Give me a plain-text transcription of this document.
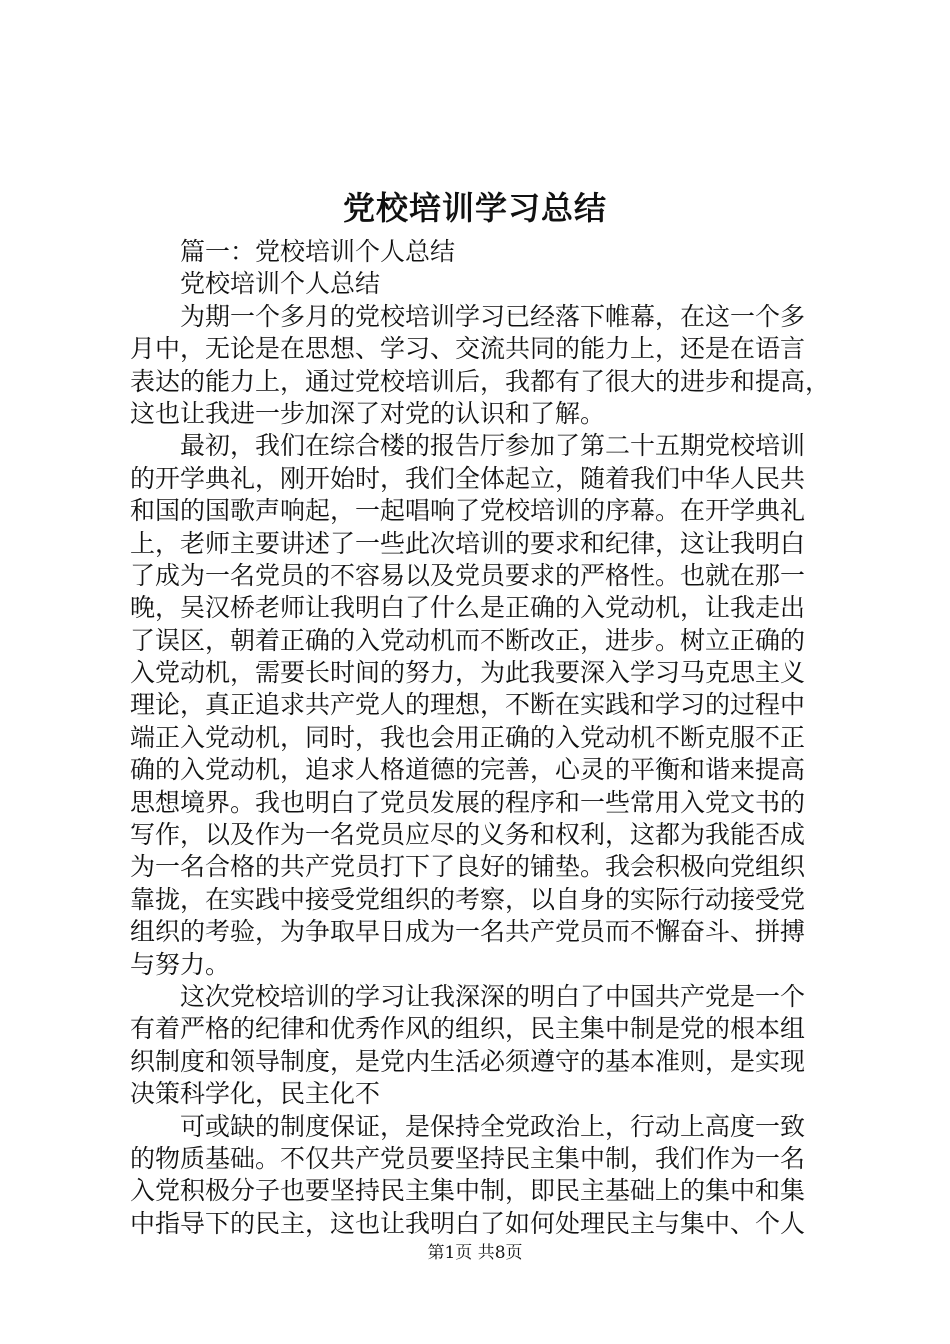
党校培训学习总结
篇一：党校培训个人总结
党校培训个人总结
为期一个多月的党校培训学习已经落下帷幕，在这一个多
月中，无论是在思想、学习、交流共同的能力上，还是在语言
表达的能力上，通过党校培训后，我都有了很大的进步和提高，
这也让我进一步加深了对党的认识和了解。
最初，我们在综合楼的报告厅参加了第二十五期党校培训
的开学典礼，刚开始时，我们全体起立，随着我们中华人民共
和国的国歌声响起，一起唱响了党校培训的序幕。在开学典礼
上，老师主要讲述了一些此次培训的要求和纪律，这让我明白
了成为一名党员的不容易以及党员要求的严格性。也就在那一
晚，吴汉桥老师让我明白了什么是正确的入党动机，让我走出
了误区，朝着正确的入党动机而不断改正，进步。树立正确的
入党动机，需要长时间的努力，为此我要深入学习马克思主义
理论，真正追求共产党人的理想，不断在实践和学习的过程中
端正入党动机，同时，我也会用正确的入党动机不断克服不正
确的入党动机，追求人格道德的完善，心灵的平衡和谐来提高
思想境界。我也明白了党员发展的程序和一些常用入党文书的
写作，以及作为一名党员应尽的义务和权利，这都为我能否成
为一名合格的共产党员打下了良好的铺垫。我会积极向党组织
靠拢，在实践中接受党组织的考察，以自身的实际行动接受党
组织的考验，为争取早日成为一名共产党员而不懈奋斗、拼搏
与努力。
这次党校培训的学习让我深深的明白了中国共产党是一个
有着严格的纪律和优秀作风的组织，民主集中制是党的根本组
织制度和领导制度，是党内生活必须遵守的基本准则，是实现
决策科学化，民主化不
可或缺的制度保证，是保持全党政治上，行动上高度一致
的物质基础。不仅共产党员要坚持民主集中制，我们作为一名
入党积极分子也要坚持民主集中制，即民主基础上的集中和集
中指导下的民主，这也让我明白了如何处理民主与集中、个人
第1页 共8页
